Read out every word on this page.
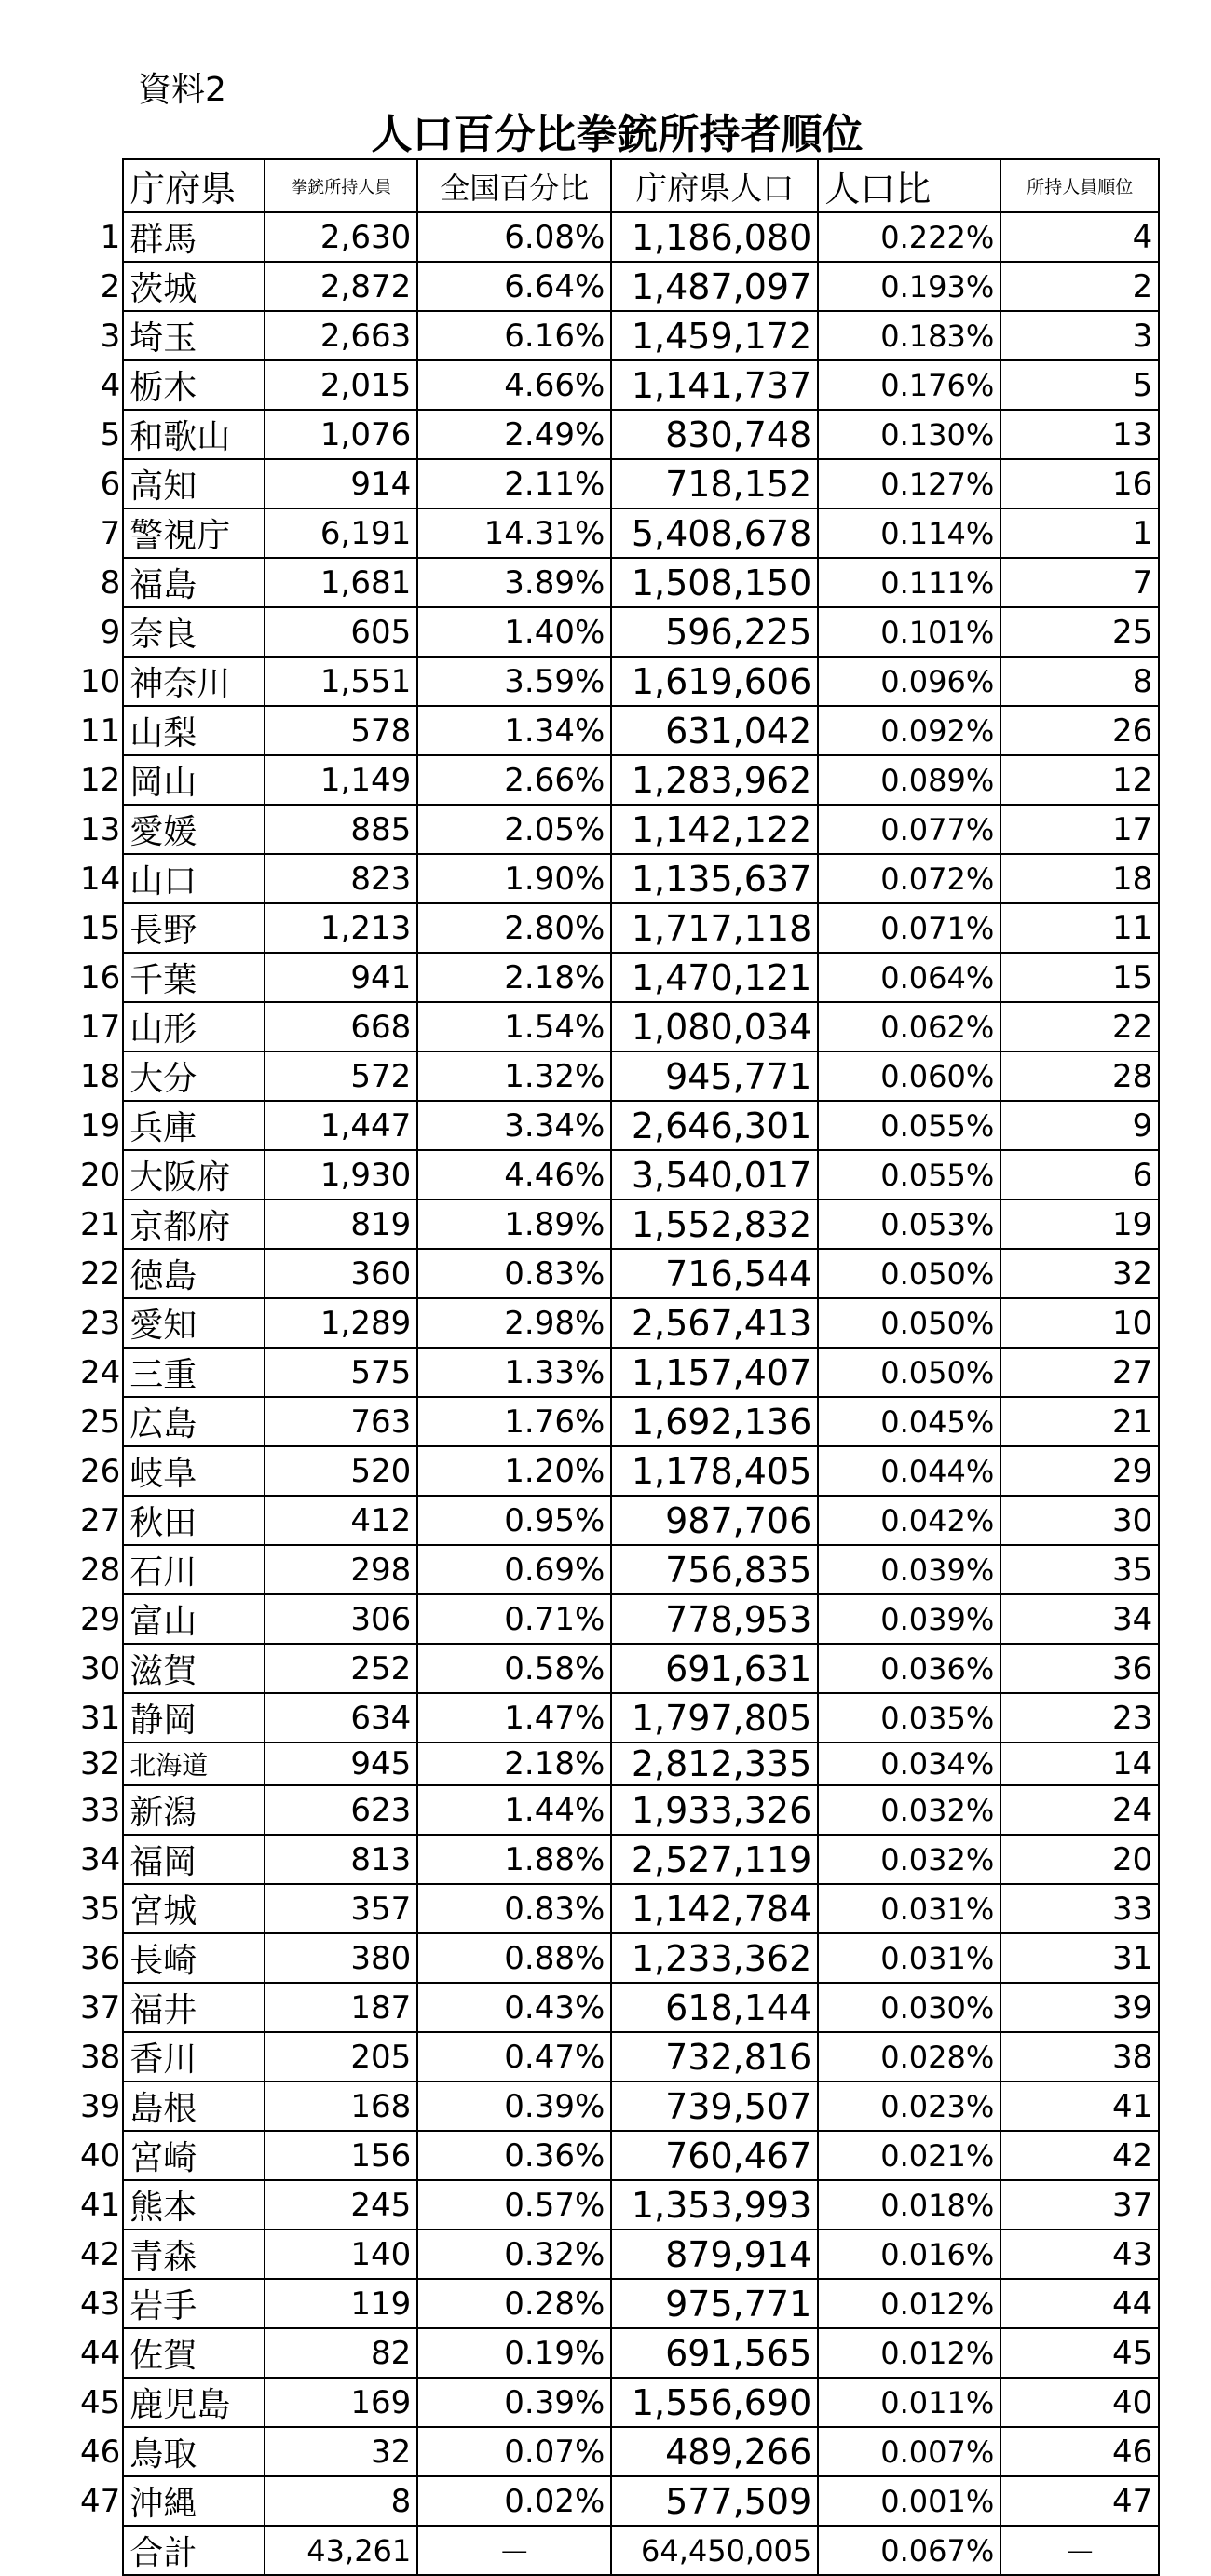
資料2
人口百分比拳銃所持者順位
	庁府県	拳銃所持人員	全国百分比	庁府県人口	人口比	所持人員順位
1	群馬	2,630	6.08%	1,186,080	0.222%	4
2	茨城	2,872	6.64%	1,487,097	0.193%	2
3	埼玉	2,663	6.16%	1,459,172	0.183%	3
4	栃木	2,015	4.66%	1,141,737	0.176%	5
5	和歌山	1,076	2.49%	830,748	0.130%	13
6	高知	914	2.11%	718,152	0.127%	16
7	警視庁	6,191	14.31%	5,408,678	0.114%	1
8	福島	1,681	3.89%	1,508,150	0.111%	7
9	奈良	605	1.40%	596,225	0.101%	25
10	神奈川	1,551	3.59%	1,619,606	0.096%	8
11	山梨	578	1.34%	631,042	0.092%	26
12	岡山	1,149	2.66%	1,283,962	0.089%	12
13	愛媛	885	2.05%	1,142,122	0.077%	17
14	山口	823	1.90%	1,135,637	0.072%	18
15	長野	1,213	2.80%	1,717,118	0.071%	11
16	千葉	941	2.18%	1,470,121	0.064%	15
17	山形	668	1.54%	1,080,034	0.062%	22
18	大分	572	1.32%	945,771	0.060%	28
19	兵庫	1,447	3.34%	2,646,301	0.055%	9
20	大阪府	1,930	4.46%	3,540,017	0.055%	6
21	京都府	819	1.89%	1,552,832	0.053%	19
22	徳島	360	0.83%	716,544	0.050%	32
23	愛知	1,289	2.98%	2,567,413	0.050%	10
24	三重	575	1.33%	1,157,407	0.050%	27
25	広島	763	1.76%	1,692,136	0.045%	21
26	岐阜	520	1.20%	1,178,405	0.044%	29
27	秋田	412	0.95%	987,706	0.042%	30
28	石川	298	0.69%	756,835	0.039%	35
29	富山	306	0.71%	778,953	0.039%	34
30	滋賀	252	0.58%	691,631	0.036%	36
31	静岡	634	1.47%	1,797,805	0.035%	23
32	北海道	945	2.18%	2,812,335	0.034%	14
33	新潟	623	1.44%	1,933,326	0.032%	24
34	福岡	813	1.88%	2,527,119	0.032%	20
35	宮城	357	0.83%	1,142,784	0.031%	33
36	長崎	380	0.88%	1,233,362	0.031%	31
37	福井	187	0.43%	618,144	0.030%	39
38	香川	205	0.47%	732,816	0.028%	38
39	島根	168	0.39%	739,507	0.023%	41
40	宮崎	156	0.36%	760,467	0.021%	42
41	熊本	245	0.57%	1,353,993	0.018%	37
42	青森	140	0.32%	879,914	0.016%	43
43	岩手	119	0.28%	975,771	0.012%	44
44	佐賀	82	0.19%	691,565	0.012%	45
45	鹿児島	169	0.39%	1,556,690	0.011%	40
46	鳥取	32	0.07%	489,266	0.007%	46
47	沖縄	8	0.02%	577,509	0.001%	47
	合計	43,261	－	64,450,005	0.067%	－
